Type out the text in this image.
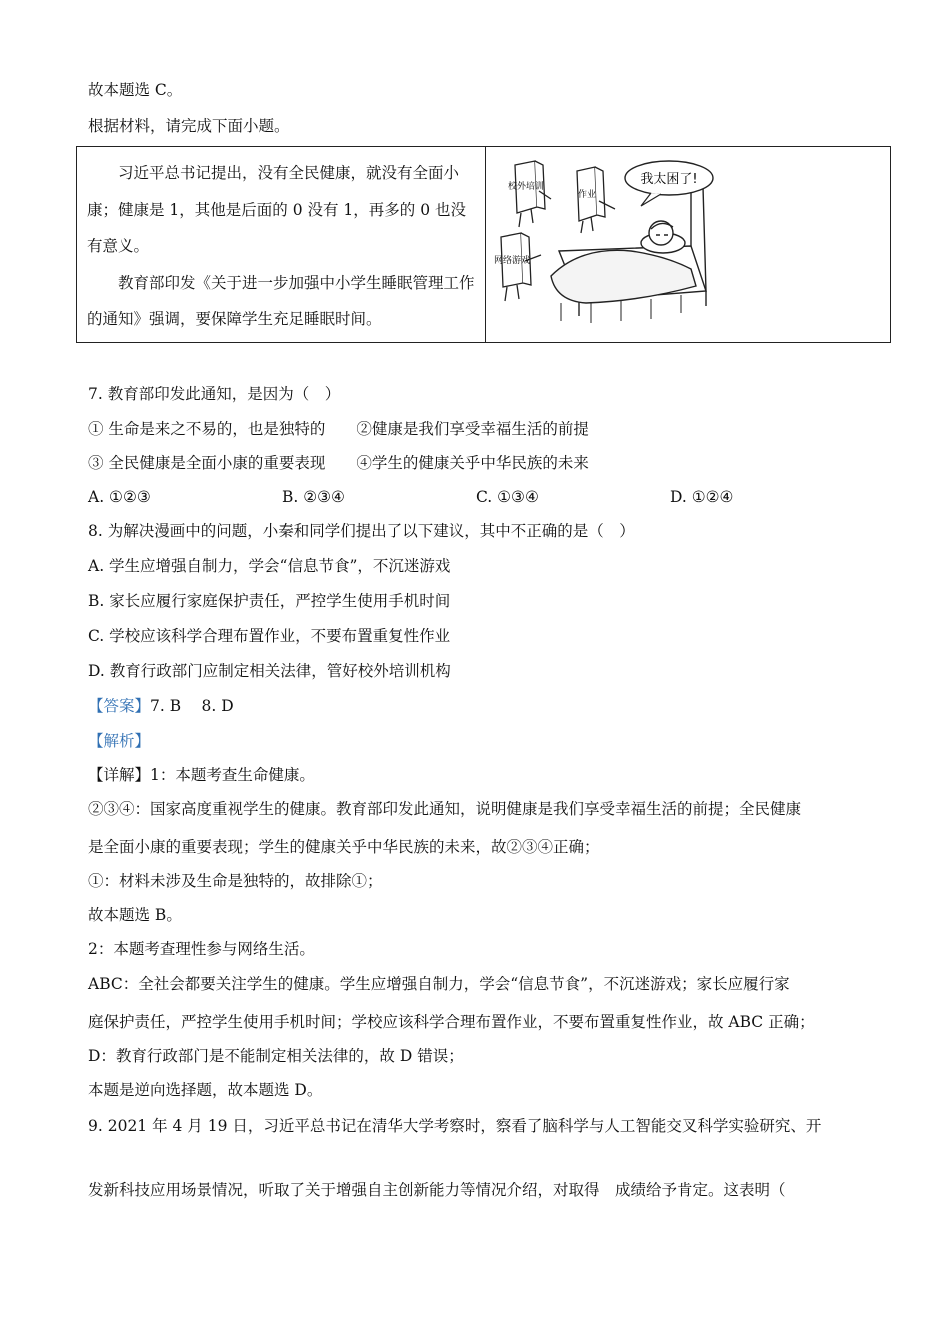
故本题选 C。
根据材料，请完成下面小题。

习近平总书记提出，没有全民健康，就没有全面小康；健康是 1，其他是后面的 0 没有 1，再多的 0 也没有意义。

教育部印发《关于进一步加强中小学生睡眠管理工作的通知》强调，要保障学生充足睡眠时间。

我太困了!
校外培训
作业
网络游戏
7. 教育部印发此通知，是因为（　）
① 生命是来之不易的，也是独特的　　②健康是我们享受幸福生活的前提
③ 全民健康是全面小康的重要表现　　④学生的健康关乎中华民族的未来
A. ①②③	B. ②③④	C. ①③④	D. ①②④
8. 为解决漫画中的问题，小秦和同学们提出了以下建议，其中不正确的是（　）
A. 学生应增强自制力，学会“信息节食”，不沉迷游戏
B. 家长应履行家庭保护责任，严控学生使用手机时间
C. 学校应该科学合理布置作业，不要布置重复性作业
D. 教育行政部门应制定相关法律，管好校外培训机构
【答案】7. B　 8. D
【解析】
【详解】1：本题考查生命健康。
②③④：国家高度重视学生的健康。教育部印发此通知，说明健康是我们享受幸福生活的前提；全民健康
是全面小康的重要表现；学生的健康关乎中华民族的未来，故②③④正确；
①：材料未涉及生命是独特的，故排除①；
故本题选 B。
2：本题考查理性参与网络生活。
ABC：全社会都要关注学生的健康。学生应增强自制力，学会“信息节食”，不沉迷游戏；家长应履行家
庭保护责任，严控学生使用手机时间；学校应该科学合理布置作业，不要布置重复性作业，故 ABC 正确；
D：教育行政部门是不能制定相关法律的，故 D 错误；
本题是逆向选择题，故本题选 D。
9. 2021 年 4 月 19 日，习近平总书记在清华大学考察时，察看了脑科学与人工智能交叉科学实验研究、开
发新科技应用场景情况，听取了关于增强自主创新能力等情况介绍，对取得　成绩给予肯定。这表明（
